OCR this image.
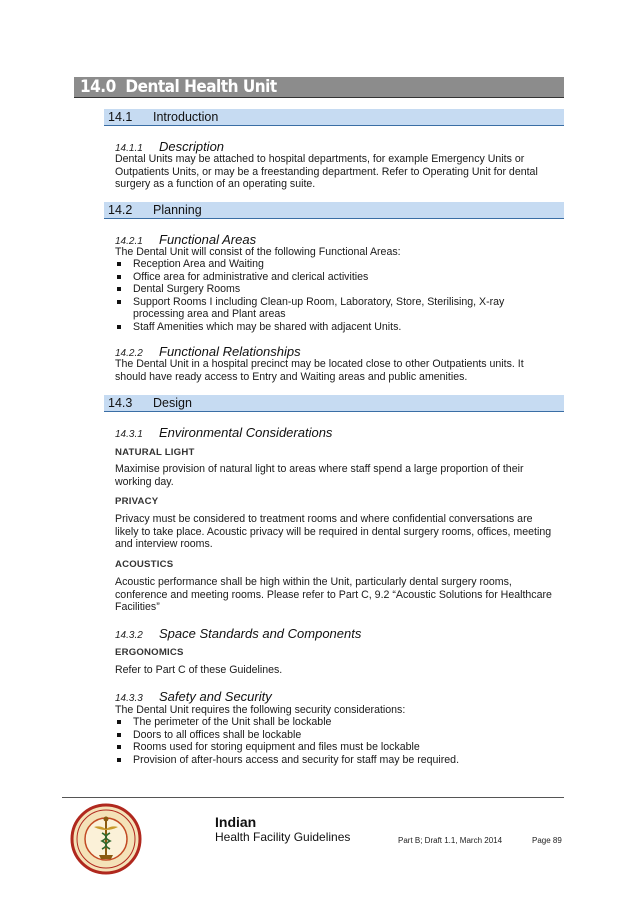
14.0 Dental Health Unit
14.1 Introduction
14.1.1 Description
Dental Units may be attached to hospital departments, for example Emergency Units or
Outpatients Units, or may be a freestanding department. Refer to Operating Unit for dental
surgery as a function of an operating suite.
14.2 Planning
14.2.1 Functional Areas
The Dental Unit will consist of the following Functional Areas:
Reception Area and Waiting
Office area for administrative and clerical activities
Dental Surgery Rooms
Support Rooms I including Clean-up Room, Laboratory, Store, Sterilising, X-ray
processing area and Plant areas
Staff Amenities which may be shared with adjacent Units.
14.2.2 Functional Relationships
The Dental Unit in a hospital precinct may be located close to other Outpatients units. It
should have ready access to Entry and Waiting areas and public amenities.
14.3 Design
14.3.1 Environmental Considerations
NATURAL LIGHT
Maximise provision of natural light to areas where staff spend a large proportion of their
working day.
PRIVACY
Privacy must be considered to treatment rooms and where confidential conversations are
likely to take place. Acoustic privacy will be required in dental surgery rooms, offices, meeting
and interview rooms.
ACOUSTICS
Acoustic performance shall be high within the Unit, particularly dental surgery rooms,
conference and meeting rooms. Please refer to Part C, 9.2 “Acoustic Solutions for Healthcare
Facilities”
14.3.2 Space Standards and Components
ERGONOMICS
Refer to Part C of these Guidelines.
14.3.3 Safety and Security
The Dental Unit requires the following security considerations:
The perimeter of the Unit shall be lockable
Doors to all offices shall be lockable
Rooms used for storing equipment and files must be lockable
Provision of after-hours access and security for staff may be required.
Indian
Health Facility Guidelines	Part B; Draft 1.1, March 2014	Page 89
